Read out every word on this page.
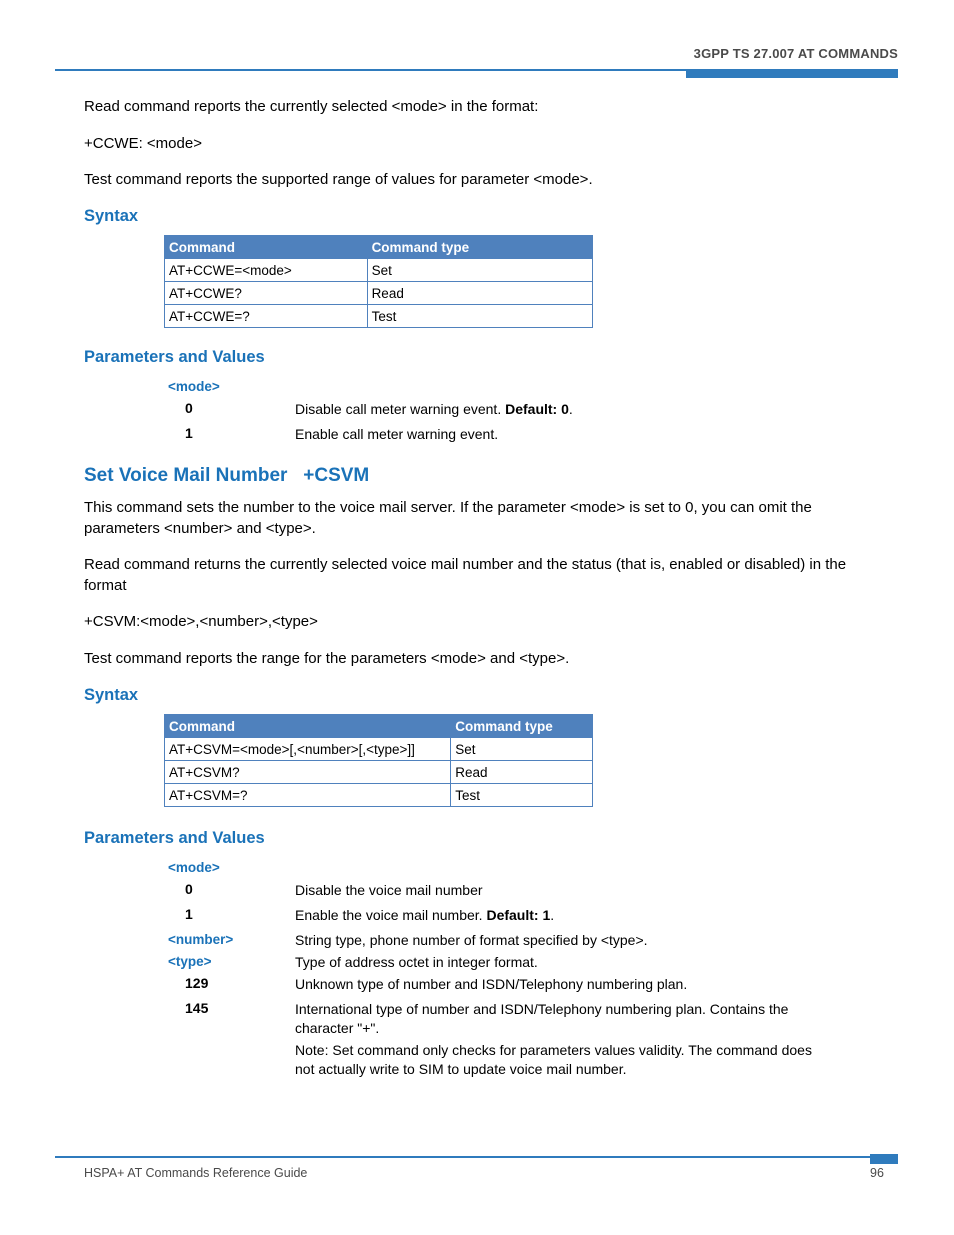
3GPP TS 27.007 AT COMMANDS

Read command reports the currently selected <mode> in the format:

+CCWE: <mode>

Test command reports the supported range of values for parameter <mode>.

Syntax
Command	Command type
AT+CCWE=<mode>	Set
AT+CCWE?	Read
AT+CCWE=?	Test
Parameters and Values
<mode>
0	Disable call meter warning event. Default: 0.
1	Enable call meter warning event.
Set Voice Mail Number   +CSVM

This command sets the number to the voice mail server. If the parameter <mode> is set to 0, you can omit the parameters <number> and <type>.

Read command returns the currently selected voice mail number and the status (that is, enabled or disabled) in the format

+CSVM:<mode>,<number>,<type>

Test command reports the range for the parameters <mode> and <type>.

Syntax
Command	Command type
AT+CSVM=<mode>[,<number>[,<type>]]	Set
AT+CSVM?	Read
AT+CSVM=?	Test
Parameters and Values
<mode>
0	Disable the voice mail number
1	Enable the voice mail number. Default: 1.
<number>	String type, phone number of format specified by <type>.
<type>	Type of address octet in integer format.
129	Unknown type of number and ISDN/Telephony numbering plan.
145	International type of number and ISDN/Telephony numbering plan. Contains the character "+".
Note: Set command only checks for parameters values validity. The command does not actually write to SIM to update voice mail number.
HSPA+ AT Commands Reference Guide	96
